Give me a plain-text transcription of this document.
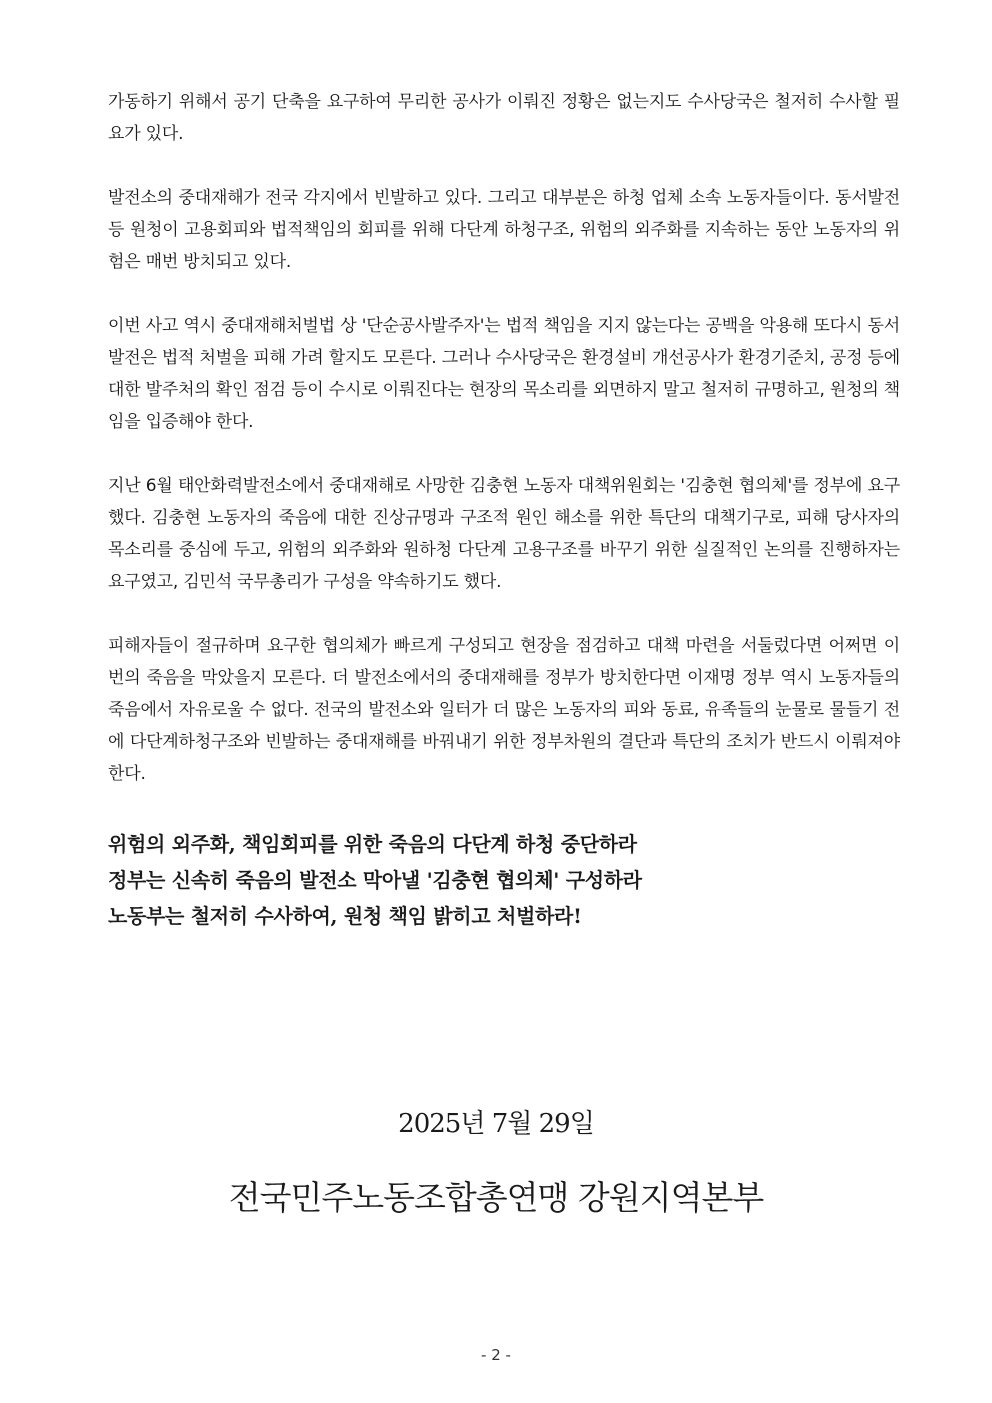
가동하기 위해서 공기 단축을 요구하여 무리한 공사가 이뤄진 정황은 없는지도 수사당국은 철저히 수사할 필요가 있다.

발전소의 중대재해가 전국 각지에서 빈발하고 있다. 그리고 대부분은 하청 업체 소속 노동자들이다. 동서발전 등 원청이 고용회피와 법적책임의 회피를 위해 다단계 하청구조, 위험의 외주화를 지속하는 동안 노동자의 위험은 매번 방치되고 있다.

이번 사고 역시 중대재해처벌법 상 '단순공사발주자'는 법적 책임을 지지 않는다는 공백을 악용해 또다시 동서발전은 법적 처벌을 피해 가려 할지도 모른다. 그러나 수사당국은 환경설비 개선공사가 환경기준치, 공정 등에 대한 발주처의 확인 점검 등이 수시로 이뤄진다는 현장의 목소리를 외면하지 말고 철저히 규명하고, 원청의 책임을 입증해야 한다.

지난 6월 태안화력발전소에서 중대재해로 사망한 김충현 노동자 대책위원회는 '김충현 협의체'를 정부에 요구했다. 김충현 노동자의 죽음에 대한 진상규명과 구조적 원인 해소를 위한 특단의 대책기구로, 피해 당사자의 목소리를 중심에 두고, 위험의 외주화와 원하청 다단계 고용구조를 바꾸기 위한 실질적인 논의를 진행하자는 요구였고, 김민석 국무총리가 구성을 약속하기도 했다.

피해자들이 절규하며 요구한 협의체가 빠르게 구성되고 현장을 점검하고 대책 마련을 서둘렀다면 어쩌면 이번의 죽음을 막았을지 모른다. 더 발전소에서의 중대재해를 정부가 방치한다면 이재명 정부 역시 노동자들의 죽음에서 자유로울 수 없다. 전국의 발전소와 일터가 더 많은 노동자의 피와 동료, 유족들의 눈물로 물들기 전에 다단계하청구조와 빈발하는 중대재해를 바꿔내기 위한 정부차원의 결단과 특단의 조치가 반드시 이뤄져야 한다.

위험의 외주화, 책임회피를 위한 죽음의 다단계 하청 중단하라

정부는 신속히 죽음의 발전소 막아낼 '김충현 협의체' 구성하라

노동부는 철저히 수사하여, 원청 책임 밝히고 처벌하라!

2025년 7월 29일
전국민주노동조합총연맹 강원지역본부
- 2 -
